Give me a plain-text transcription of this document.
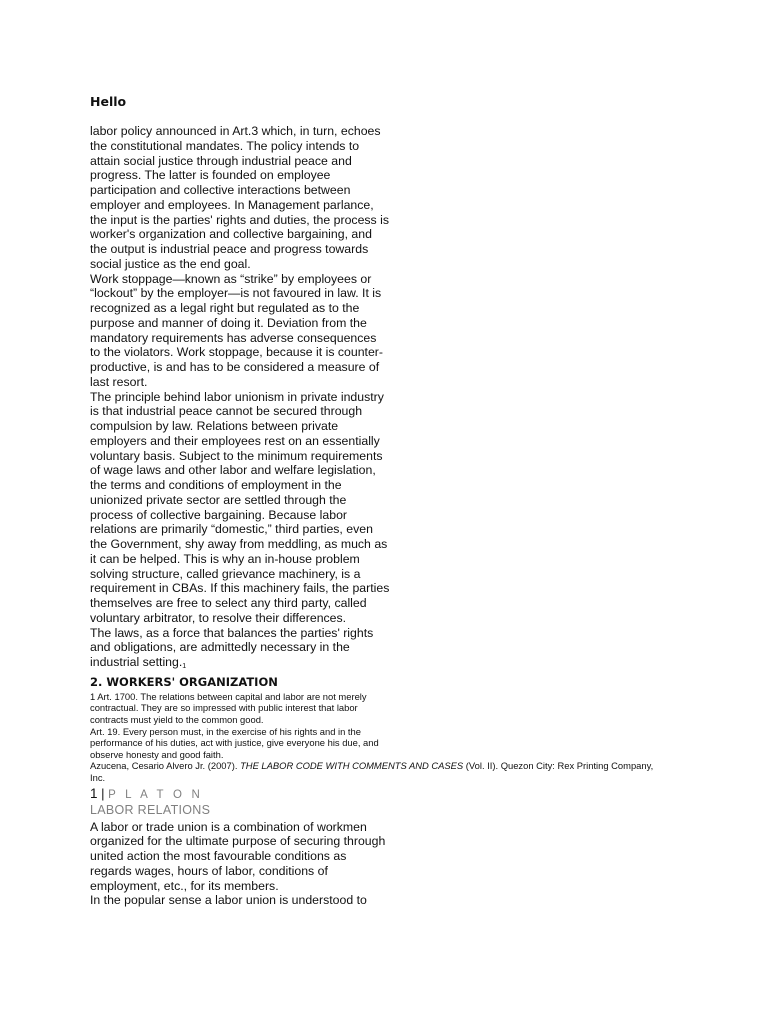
Hello

labor policy announced in Art.3 which, in turn, echoes the constitutional mandates. The policy intends to attain social justice through industrial peace and progress. The latter is founded on employee participation and collective interactions between employer and employees. In Management parlance, the input is the parties' rights and duties, the process is worker's organization and collective bargaining, and the output is industrial peace and progress towards social justice as the end goal.

Work stoppage—known as “strike” by employees or “lockout” by the employer—is not favoured in law. It is recognized as a legal right but regulated as to the purpose and manner of doing it. Deviation from the mandatory requirements has adverse consequences to the violators. Work stoppage, because it is counter-productive, is and has to be considered a measure of last resort.

The principle behind labor unionism in private industry is that industrial peace cannot be secured through compulsion by law. Relations between private employers and their employees rest on an essentially voluntary basis. Subject to the minimum requirements of wage laws and other labor and welfare legislation, the terms and conditions of employment in the unionized private sector are settled through the process of collective bargaining. Because labor relations are primarily “domestic,” third parties, even the Government, shy away from meddling, as much as it can be helped. This is why an in-house problem solving structure, called grievance machinery, is a requirement in CBAs. If this machinery fails, the parties themselves are free to select any third party, called voluntary arbitrator, to resolve their differences.

The laws, as a force that balances the parties' rights and obligations, are admittedly necessary in the industrial setting.1

2. WORKERS' ORGANIZATION

1 Art. 1700. The relations between capital and labor are not merely contractual. They are so impressed with public interest that labor contracts must yield to the common good.

Art. 19. Every person must, in the exercise of his rights and in the performance of his duties, act with justice, give everyone his due, and observe honesty and good faith.

Azucena, Cesario Alvero Jr. (2007). THE LABOR CODE WITH COMMENTS AND CASES (Vol. II). Quezon City: Rex Printing Company, Inc.

1 | P L A T O N
LABOR RELATIONS

A labor or trade union is a combination of workmen organized for the ultimate purpose of securing through united action the most favourable conditions as regards wages, hours of labor, conditions of employment, etc., for its members.

In the popular sense a labor union is understood to
